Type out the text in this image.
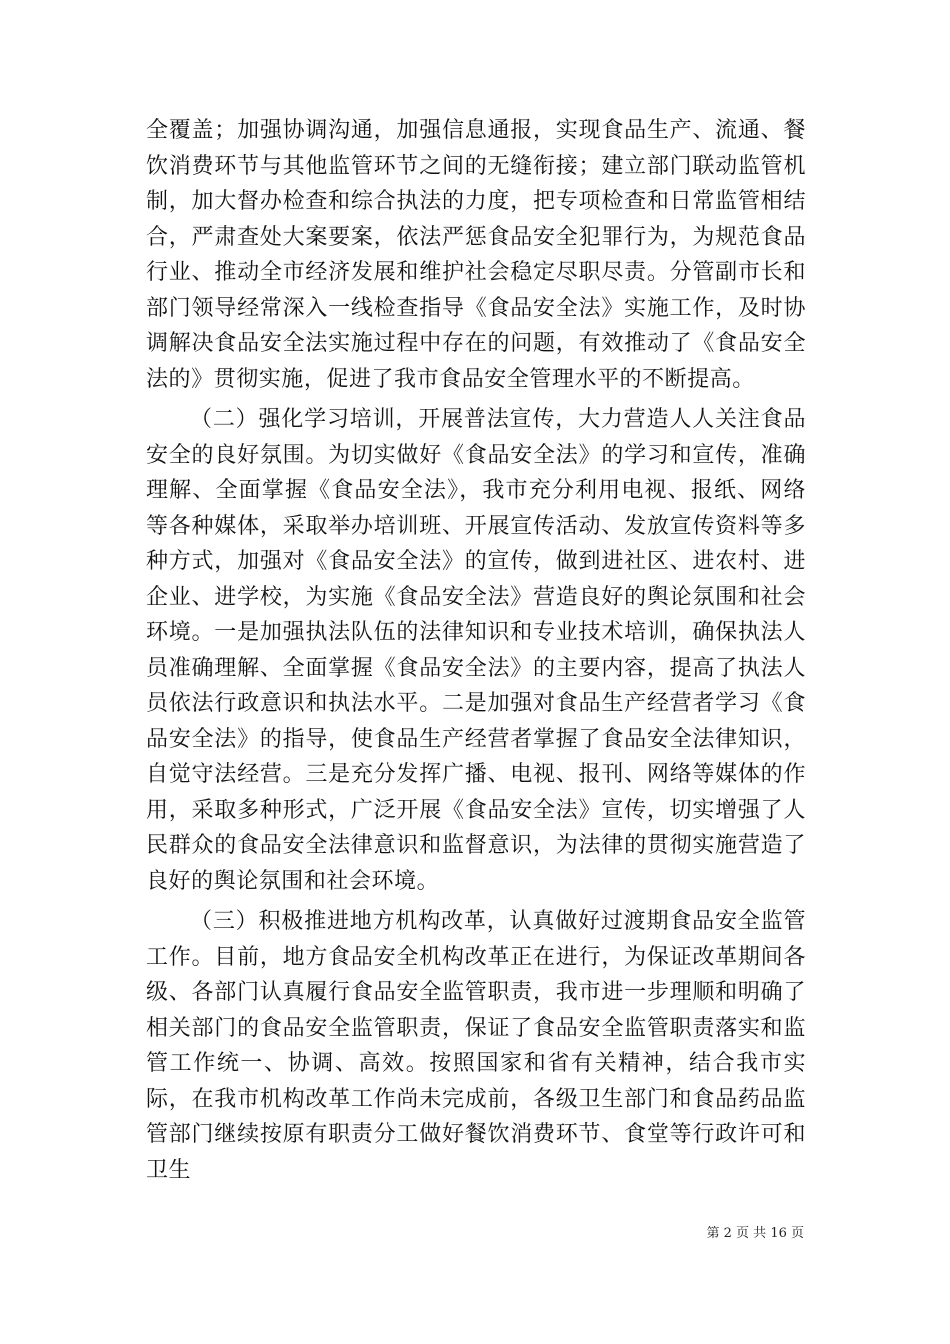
全覆盖；加强协调沟通，加强信息通报，实现食品生产、流通、餐饮消费环节与其他监管环节之间的无缝衔接；建立部门联动监管机制，加大督办检查和综合执法的力度，把专项检查和日常监管相结合，严肃查处大案要案，依法严惩食品安全犯罪行为，为规范食品行业、推动全市经济发展和维护社会稳定尽职尽责。分管副市长和部门领导经常深入一线检查指导《食品安全法》实施工作，及时协调解决食品安全法实施过程中存在的问题，有效推动了《食品安全法的》贯彻实施，促进了我市食品安全管理水平的不断提高。

（二）强化学习培训，开展普法宣传，大力营造人人关注食品安全的良好氛围。为切实做好《食品安全法》的学习和宣传，准确理解、全面掌握《食品安全法》，我市充分利用电视、报纸、网络等各种媒体，采取举办培训班、开展宣传活动、发放宣传资料等多种方式，加强对《食品安全法》的宣传，做到进社区、进农村、进企业、进学校，为实施《食品安全法》营造良好的舆论氛围和社会环境。一是加强执法队伍的法律知识和专业技术培训，确保执法人员准确理解、全面掌握《食品安全法》的主要内容，提高了执法人员依法行政意识和执法水平。二是加强对食品生产经营者学习《食品安全法》的指导，使食品生产经营者掌握了食品安全法律知识，自觉守法经营。三是充分发挥广播、电视、报刊、网络等媒体的作用，采取多种形式，广泛开展《食品安全法》宣传，切实增强了人民群众的食品安全法律意识和监督意识，为法律的贯彻实施营造了良好的舆论氛围和社会环境。

（三）积极推进地方机构改革，认真做好过渡期食品安全监管工作。目前，地方食品安全机构改革正在进行，为保证改革期间各级、各部门认真履行食品安全监管职责，我市进一步理顺和明确了相关部门的食品安全监管职责，保证了食品安全监管职责落实和监管工作统一、协调、高效。按照国家和省有关精神，结合我市实际，在我市机构改革工作尚未完成前，各级卫生部门和食品药品监管部门继续按原有职责分工做好餐饮消费环节、食堂等行政许可和卫生

第 2 页 共 16 页
